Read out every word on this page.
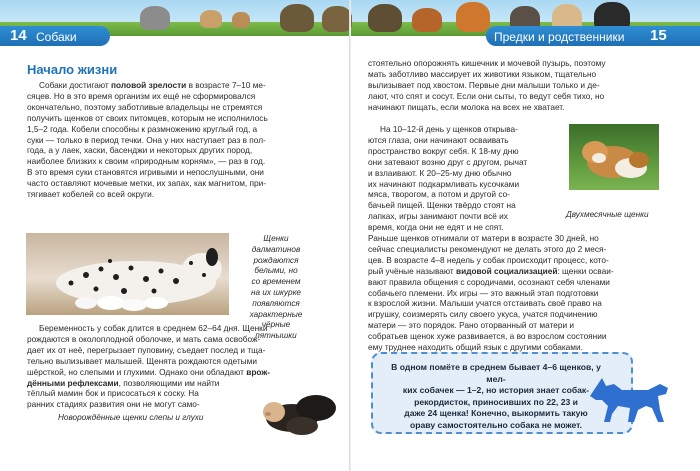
14 Собаки	Предки и родственники 15
Начало жизни
Собаки достигают половой зрелости в возрасте 7–10 ме-
сяцев. Но в это время организм их ещё не сформировался
окончательно, поэтому заботливые владельцы не стремятся
получить щенков от своих питомцев, которым не исполнилось
1,5–2 года. Кобели способны к размножению круглый год, а
суки — только в период течки. Она у них наступает раз в пол-
года, а у лаек, хаски, басенджи и некоторых других пород,
наиболее близких к своим «природным корням», — раз в год.
В это время суки становятся игривыми и непослушными, они
часто оставляют мочевые метки, их запах, как магнитом, при-
тягивает кобелей со всей округи.
Щенки
далматинов
рождаются
белыми, но
со временем
на их шкурке
появляются
характерные
чёрные
пятнышки
Беременность у собак длится в среднем 62–64 дня. Щенки
рождаются в околоплодной оболочке, и мать сама освобож-
дает их от неё, перегрызает пуповину, съедает послед и тща-
тельно вылизывает малышей. Щенята рождаются одетыми
шёрсткой, но слепыми и глухими. Однако они обладают врож-
дёнными рефлексами, позволяющими им найти
тёплый мамин бок и присосаться к соску. На
ранних стадиях развития они не могут само-
Новорождённые щенки слепы и глухи
стоятельно опорожнять кишечник и мочевой пузырь, поэтому
мать заботливо массирует их животики языком, тщательно
вылизывает под хвостом. Первые дни малыши только и де-
лают, что спят и сосут. Если они сыты, то ведут себя тихо, но
начинают пищать, если молока на всех не хватает.
На 10–12-й день у щенков открыва-
ются глаза, они начинают осваивать
пространство вокруг себя. К 18-му дню
они затевают возню друг с другом, рычат
и взлаивают. К 20–25-му дню обычно
их начинают подкармливать кусочками
мяса, творогом, а потом и другой со-
бачьей пищей. Щенки твёрдо стоят на
лапках, игры занимают почти всё их
время, когда они не едят и не спят.
Двухмесячные щенки
Раньше щенков отнимали от матери в возрасте 30 дней, но
сейчас специалисты рекомендуют не делать этого до 2 меся-
цев. В возрасте 4–8 недель у собак происходит процесс, кото-
рый учёные называют видовой социализацией: щенки осваи-
вают правила общения с сородичами, осознают себя членами
собачьего племени. Их игры — это важный этап подготовки
к взрослой жизни. Малыши учатся отстаивать своё право на
игрушку, соизмерять силу своего укуса, учатся подчинению
матери — это порядок. Рано оторванный от матери и
собратьев щенок хуже развивается, а во взрослом состоянии
ему труднее находить общий язык с другими собаками.
В одном помёте в среднем бывает 4–6 щенков, у мел-
ких собачек — 1–2, но история знает собак-
рекордисток, приносивших по 22, 23 и
даже 24 щенка! Конечно, выкормить такую
ораву самостоятельно собака не может.
